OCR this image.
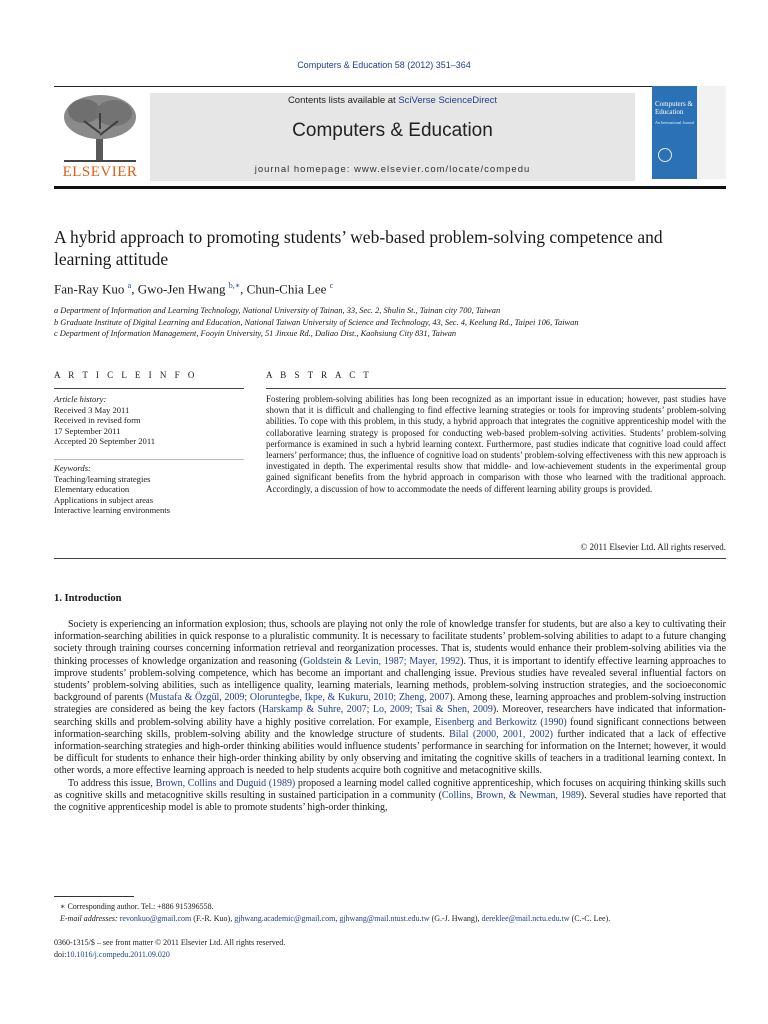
Computers & Education 58 (2012) 351–364
ELSEVIER
Contents lists available at SciVerse ScienceDirect
Computers & Education
journal homepage: www.elsevier.com/locate/compedu
Computers & Education
An International Journal
A hybrid approach to promoting students’ web-based problem-solving competence and learning attitude
Fan-Ray Kuo $^a$, Gwo-Jen Hwang $^{b,∗}$, Chun-Chia Lee $^c$
a Department of Information and Learning Technology, National University of Tainan, 33, Sec. 2, Shulin St., Tainan city 700, Taiwan
b Graduate Institute of Digital Learning and Education, National Taiwan University of Science and Technology, 43, Sec. 4, Keelung Rd., Taipei 106, Taiwan
c Department of Information Management, Fooyin University, 51 Jinxue Rd., Daliao Dist., Kaohsiung City 831, Taiwan
A R T I C L E I N F O	A B S T R A C T
Article history:
Received 3 May 2011
Received in revised form
17 September 2011
Accepted 20 September 2011
Keywords:
Teaching/learning strategies
Elementary education
Applications in subject areas
Interactive learning environments
Fostering problem-solving abilities has long been recognized as an important issue in education; however, past studies have shown that it is difficult and challenging to find effective learning strategies or tools for improving students’ problem-solving abilities. To cope with this problem, in this study, a hybrid approach that integrates the cognitive apprenticeship model with the collaborative learning strategy is proposed for conducting web-based problem-solving activities. Students’ problem-solving performance is examined in such a hybrid learning context. Furthermore, past studies indicate that cognitive load could affect learners’ performance; thus, the influence of cognitive load on students’ problem-solving effectiveness with this new approach is investigated in depth. The experimental results show that middle- and low-achievement students in the experimental group gained significant benefits from the hybrid approach in comparison with those who learned with the traditional approach. Accordingly, a discussion of how to accommodate the needs of different learning ability groups is provided.
© 2011 Elsevier Ltd. All rights reserved.
1. Introduction

Society is experiencing an information explosion; thus, schools are playing not only the role of knowledge transfer for students, but are also a key to cultivating their information-searching abilities in quick response to a pluralistic community. It is necessary to facilitate students’ problem-solving abilities to adapt to a future changing society through training courses concerning information retrieval and reorganization processes. That is, students would enhance their problem-solving abilities via the thinking processes of knowledge organization and reasoning (Goldstein & Levin, 1987; Mayer, 1992). Thus, it is important to identify effective learning approaches to improve students’ problem-solving competence, which has become an important and challenging issue. Previous studies have revealed several influential factors on students’ problem-solving abilities, such as intelligence quality, learning materials, learning methods, problem-solving instruction strategies, and the socioeconomic background of parents (Mustafa & Özgül, 2009; Oloruntegbe, Ikpe, & Kukuru, 2010; Zheng, 2007). Among these, learning approaches and problem-solving instruction strategies are considered as being the key factors (Harskamp & Suhre, 2007; Lo, 2009; Tsai & Shen, 2009). Moreover, researchers have indicated that information-searching skills and problem-solving ability have a highly positive correlation. For example, Eisenberg and Berkowitz (1990) found significant connections between information-searching skills, problem-solving ability and the knowledge structure of students. Bilal (2000, 2001, 2002) further indicated that a lack of effective information-searching strategies and high-order thinking abilities would influence students’ performance in searching for information on the Internet; however, it would be difficult for students to enhance their high-order thinking ability by only observing and imitating the cognitive skills of teachers in a traditional learning context. In other words, a more effective learning approach is needed to help students acquire both cognitive and metacognitive skills.

To address this issue, Brown, Collins and Duguid (1989) proposed a learning model called cognitive apprenticeship, which focuses on acquiring thinking skills such as cognitive skills and metacognitive skills resulting in sustained participation in a community (Collins, Brown, & Newman, 1989). Several studies have reported that the cognitive apprenticeship model is able to promote students’ high-order thinking,

∗ Corresponding author. Tel.: +886 915396558.
E-mail addresses: revonkuo@gmail.com (F.-R. Kuo), gjhwang.academic@gmail.com, gjhwang@mail.ntust.edu.tw (G.-J. Hwang), dereklee@mail.nctu.edu.tw (C.-C. Lee).
0360-1315/$ – see front matter © 2011 Elsevier Ltd. All rights reserved.
doi:10.1016/j.compedu.2011.09.020
